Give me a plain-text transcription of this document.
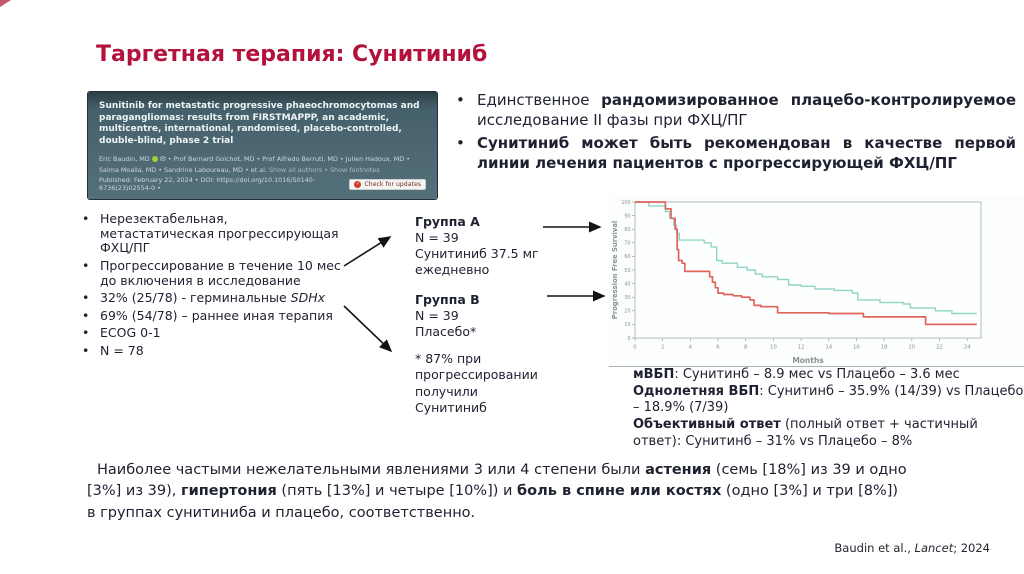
Таргетная терапия: Сунитиниб
Sunitinib for metastatic progressive phaeochromocytomas and paragangliomas: results from FIRSTMAPPP, an academic, multicentre, international, randomised, placebo-controlled, double-blind, phase 2 trial
Eric Baudin, MD ✉ • Prof Bernard Goichot, MD • Prof Alfredo Berruti, MD • Julien Hadoux, MD • Salma Moalla, MD • Sandrine Laboureau, MD • et al. Show all authors • Show footnotes
Published: February 22, 2024 • DOI: https://doi.org/10.1016/S0140-6736(23)02554-0 •
✓ Check for updates
• Единственное рандомизированное плацебо-контролируемое исследование II фазы при ФХЦ/ПГ
• Сунитиниб может быть рекомендован в качестве первой линии лечения пациентов с прогрессирующей ФХЦ/ПГ
• Нерезектабельная, метастатическая прогрессирующая ФХЦ/ПГ
• Прогрессирование в течение 10 мес до включения в исследование
• 32% (25/78) - герминальные SDHx
• 69% (54/78) – раннее иная терапия
• ECOG 0-1
• N = 78
Группа А
N = 39
Сунитиниб 37.5 мг ежедневно
Группа В
N = 39
Пласебо*
* 87% при прогрессировании получили Сунитиниб
0
10
20
30
40
50
60
70
80
90
100
0	2	4	6	8	10	12	14	16	18	20	22	24
Months
Progression Free Survival
мВБП: Сунитинб – 8.9 мес vs Плацебо – 3.6 мес
Однолетняя ВБП: Сунитинб – 35.9% (14/39) vs Плацебо – 18.9% (7/39)
Объективный ответ (полный ответ + частичный ответ): Сунитинб – 31% vs Плацебо – 8%

Наиболее частыми нежелательными явлениями 3 или 4 степени были астения (семь [18%] из 39 и одно [3%] из 39), гипертония (пять [13%] и четыре [10%]) и боль в спине или костях (одно [3%] и три [8%]) в группах сунитиниба и плацебо, соответственно.

Baudin et al., Lancet; 2024
